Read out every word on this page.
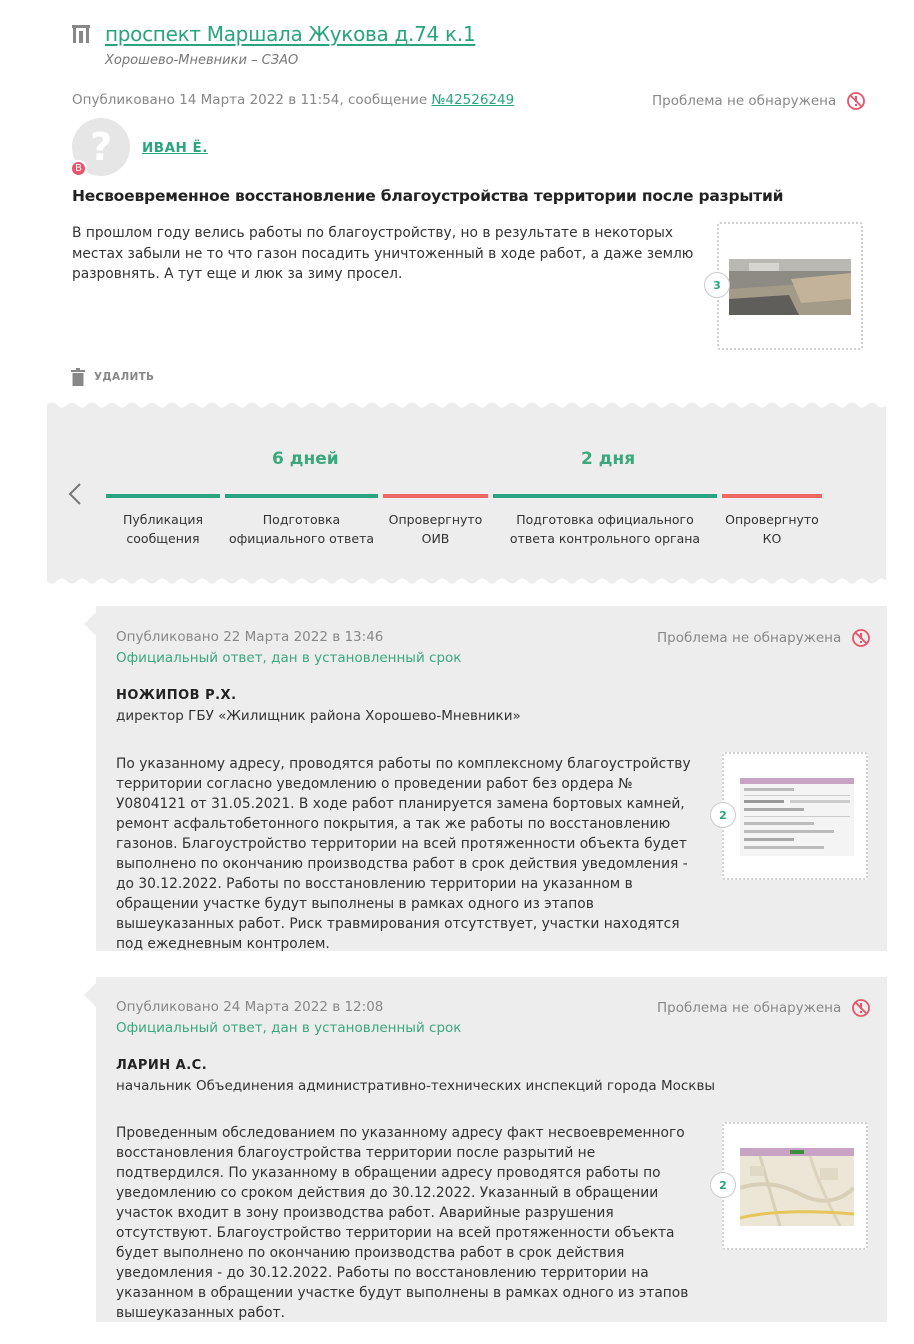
проспект Маршала Жукова д.74 к.1
Хорошево-Мневники – СЗАО
Опубликовано 14 Марта 2022 в 11:54, сообщение №42526249	Проблема не обнаружена
?
В
ИВАН Ё.
Несвоевременное восстановление благоустройства территории после разрытий
В прошлом году велись работы по благоустройству, но в результате в некоторых местах забыли не то что газон посадить уничтоженный в ходе работ, а даже землю разровнять. А тут еще и люк за зиму просел.
3
УДАЛИТЬ
6 дней	2 дня
Публикация сообщения
Подготовка официального ответа
Опровергнуто ОИВ
Подготовка официального ответа контрольного органа
Опровергнуто КО
Опубликовано 22 Марта 2022 в 13:46	Проблема не обнаружена
Официальный ответ, дан в установленный срок
НОЖИПОВ Р.Х.
директор ГБУ «Жилищник района Хорошево-Мневники»
По указанному адресу, проводятся работы по комплексному благоустройству территории согласно уведомлению о проведении работ без ордера № У0804121 от 31.05.2021. В ходе работ планируется замена бортовых камней, ремонт асфальтобетонного покрытия, а так же работы по восстановлению газонов. Благоустройство территории на всей протяженности объекта будет выполнено по окончанию производства работ в срок действия уведомления - до 30.12.2022. Работы по восстановлению территории на указанном в обращении участке будут выполнены в рамках одного из этапов вышеуказанных работ. Риск травмирования отсутствует, участки находятся под ежедневным контролем.
2
Опубликовано 24 Марта 2022 в 12:08	Проблема не обнаружена
Официальный ответ, дан в установленный срок
ЛАРИН А.С.
начальник Объединения административно-технических инспекций города Москвы
Проведенным обследованием по указанному адресу факт несвоевременного восстановления благоустройства территории после разрытий не подтвердился. По указанному в обращении адресу проводятся работы по уведомлению со сроком действия до 30.12.2022. Указанный в обращении участок входит в зону производства работ. Аварийные разрушения отсутствуют. Благоустройство территории на всей протяженности объекта будет выполнено по окончанию производства работ в срок действия уведомления - до 30.12.2022. Работы по восстановлению территории на указанном в обращении участке будут выполнены в рамках одного из этапов вышеуказанных работ.
2
